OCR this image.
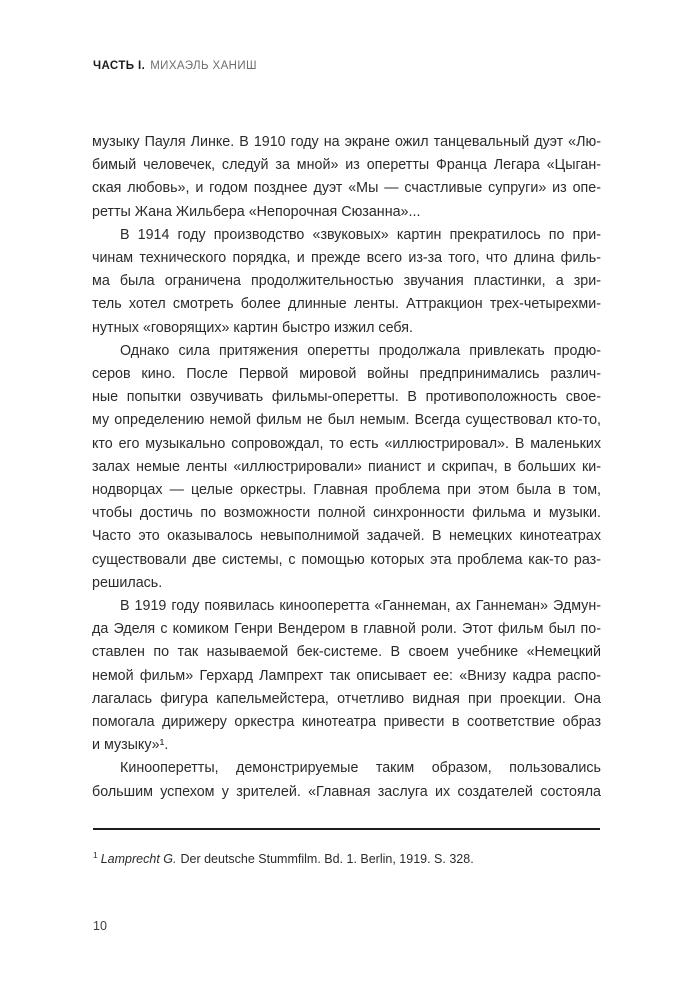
ЧАСТЬ I. МИХАЭЛЬ ХАНИШ
музыку Пауля Линке. В 1910 году на экране ожил танцевальный дуэт «Лю-
бимый человечек, следуй за мной» из оперетты Франца Легара «Цыган-
ская любовь», и годом позднее дуэт «Мы — счастливые супруги» из опе-
ретты Жана Жильбера «Непорочная Сюзанна»...
В 1914 году производство «звуковых» картин прекратилось по при-
чинам технического порядка, и прежде всего из-за того, что длина филь-
ма была ограничена продолжительностью звучания пластинки, а зри-
тель хотел смотреть более длинные ленты. Аттракцион трех-четырехми-
нутных «говорящих» картин быстро изжил себя.
Однако сила притяжения оперетты продолжала привлекать продю-
серов кино. После Первой мировой войны предпринимались различ-
ные попытки озвучивать фильмы-оперетты. В противоположность свое-
му определению немой фильм не был немым. Всегда существовал кто-то,
кто его музыкально сопровождал, то есть «иллюстрировал». В маленьких
залах немые ленты «иллюстрировали» пианист и скрипач, в больших ки-
нодворцах — целые оркестры. Главная проблема при этом была в том,
чтобы достичь по возможности полной синхронности фильма и музыки.
Часто это оказывалось невыполнимой задачей. В немецких кинотеатрах
существовали две системы, с помощью которых эта проблема как-то раз-
решилась.
В 1919 году появилась кинооперетта «Ганнеман, ах Ганнеман» Эдмун-
да Эделя с комиком Генри Вендером в главной роли. Этот фильм был по-
ставлен по так называемой бек-системе. В своем учебнике «Немецкий
немой фильм» Герхард Лампрехт так описывает ее: «Внизу кадра распо-
лагалась фигура капельмейстера, отчетливо видная при проекции. Она
помогала дирижеру оркестра кинотеатра привести в соответствие образ
и музыку»¹.
Кинооперетты, демонстрируемые таким образом, пользовались
большим успехом у зрителей. «Главная заслуга их создателей состояла
$^1$ Lamprecht G. Der deutsche Stummfilm. Bd. 1. Berlin, 1919. S. 328.
10
